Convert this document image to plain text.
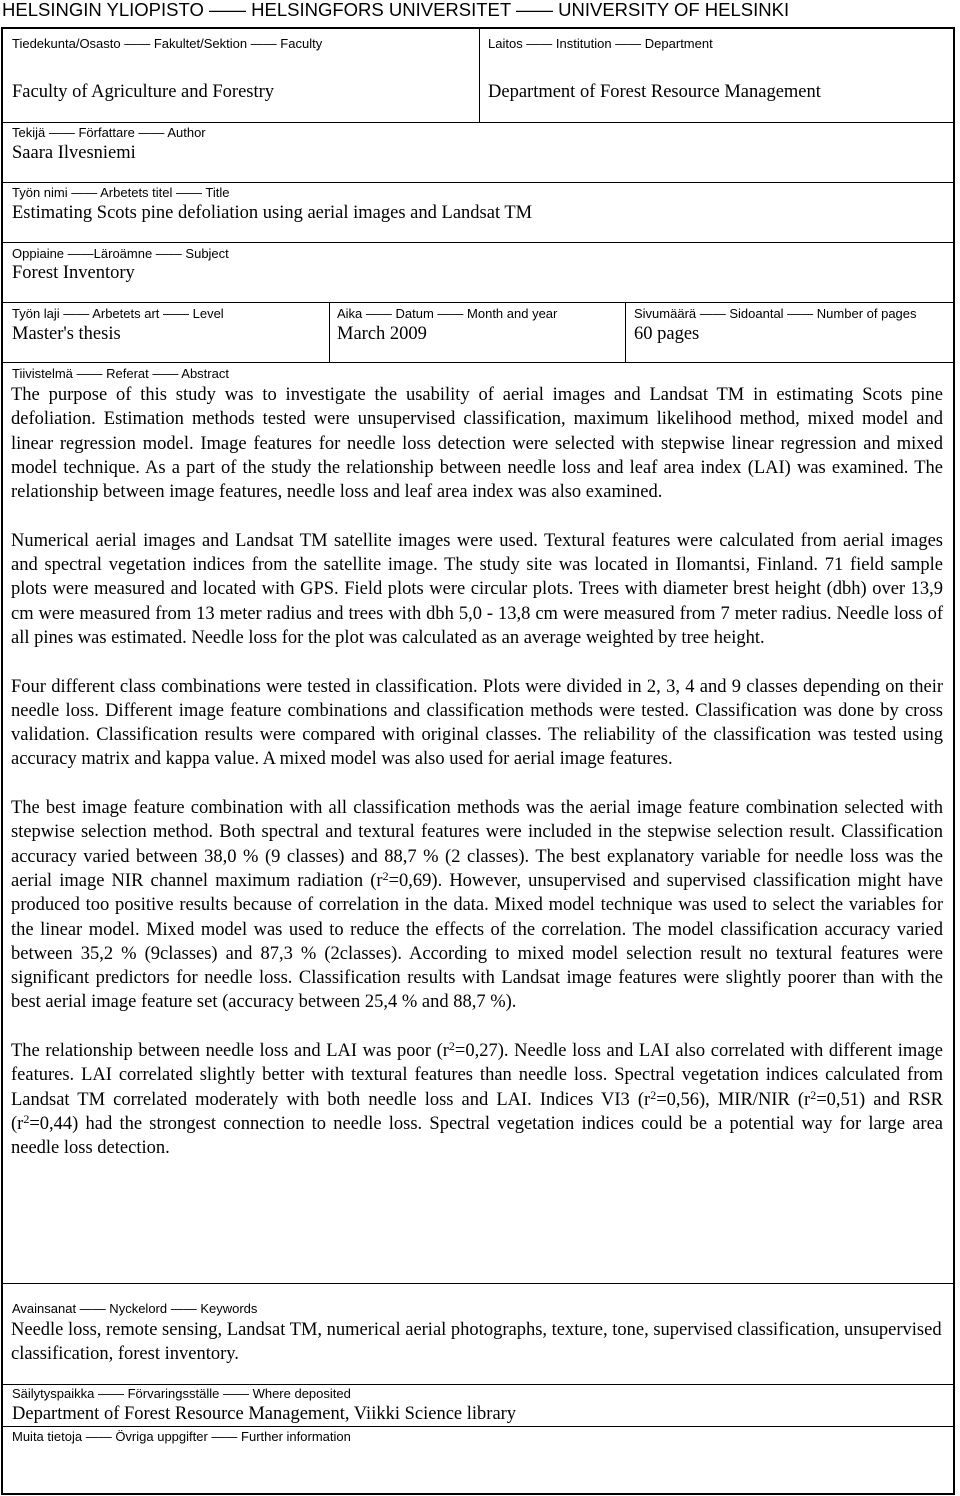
HELSINGIN YLIOPISTO —— HELSINGFORS UNIVERSITET —— UNIVERSITY OF HELSINKI
Tiedekunta/Osasto —— Fakultet/Sektion —— Faculty
Faculty of Agriculture and Forestry
Laitos —— Institution —— Department
Department of Forest Resource Management
Tekijä —— Författare —— Author
Saara Ilvesniemi
Työn nimi —— Arbetets titel —— Title
Estimating Scots pine defoliation using aerial images and Landsat TM
Oppiaine ——Läroämne —— Subject
Forest Inventory
Työn laji —— Arbetets art —— Level
Master's thesis
Aika —— Datum —— Month and year
March 2009
Sivumäärä —— Sidoantal —— Number of pages
60 pages
Tiivistelmä —— Referat —— Abstract

The purpose of this study was to investigate the usability of aerial images and Landsat TM in estimating Scots pine defoliation. Estimation methods tested were unsupervised classification, maximum likelihood method, mixed model and linear regression model. Image features for needle loss detection were selected with stepwise linear regression and mixed model technique. As a part of the study the relationship between needle loss and leaf area index (LAI) was examined. The relationship between image features, needle loss and leaf area index was also examined.

Numerical aerial images and Landsat TM satellite images were used. Textural features were calculated from aerial images and spectral vegetation indices from the satellite image. The study site was located in Ilomantsi, Finland. 71 field sample plots were measured and located with GPS. Field plots were circular plots. Trees with diameter brest height (dbh) over 13,9 cm were measured from 13 meter radius and trees with dbh 5,0 - 13,8 cm were measured from 7 meter radius. Needle loss of all pines was estimated. Needle loss for the plot was calculated as an average weighted by tree height.

Four different class combinations were tested in classification. Plots were divided in 2, 3, 4 and 9 classes depending on their needle loss. Different image feature combinations and classification methods were tested. Classification was done by cross validation. Classification results were compared with original classes. The reliability of the classification was tested using accuracy matrix and kappa value. A mixed model was also used for aerial image features.

The best image feature combination with all classification methods was the aerial image feature combination selected with stepwise selection method. Both spectral and textural features were included in the stepwise selection result. Classification accuracy varied between 38,0 % (9 classes) and 88,7 % (2 classes). The best explanatory variable for needle loss was the aerial image NIR channel maximum radiation $(r^2=0,69)$. However, unsupervised and supervised classification might have produced too positive results because of correlation in the data. Mixed model technique was used to select the variables for the linear model. Mixed model was used to reduce the effects of the correlation. The model classification accuracy varied between 35,2 % (9classes) and 87,3 % (2classes). According to mixed model selection result no textural features were significant predictors for needle loss. Classification results with Landsat image features were slightly poorer than with the best aerial image feature set (accuracy between 25,4 % and 88,7 %).

The relationship between needle loss and LAI was poor $(r^2=0,27)$. Needle loss and LAI also correlated with different image features. LAI correlated slightly better with textural features than needle loss. Spectral vegetation indices calculated from Landsat TM correlated moderately with both needle loss and LAI. Indices VI3 $(r^2=0,56)$, MIR/NIR $(r^2=0,51)$ and RSR $(r^2=0,44)$ had the strongest connection to needle loss. Spectral vegetation indices could be a potential way for large area needle loss detection.

Avainsanat —— Nyckelord —— Keywords
Needle loss, remote sensing, Landsat TM, numerical aerial photographs, texture, tone, supervised classification, unsupervised classification, forest inventory.
Säilytyspaikka —— Förvaringsställe —— Where deposited
Department of Forest Resource Management, Viikki Science library
Muita tietoja —— Övriga uppgifter —— Further information
